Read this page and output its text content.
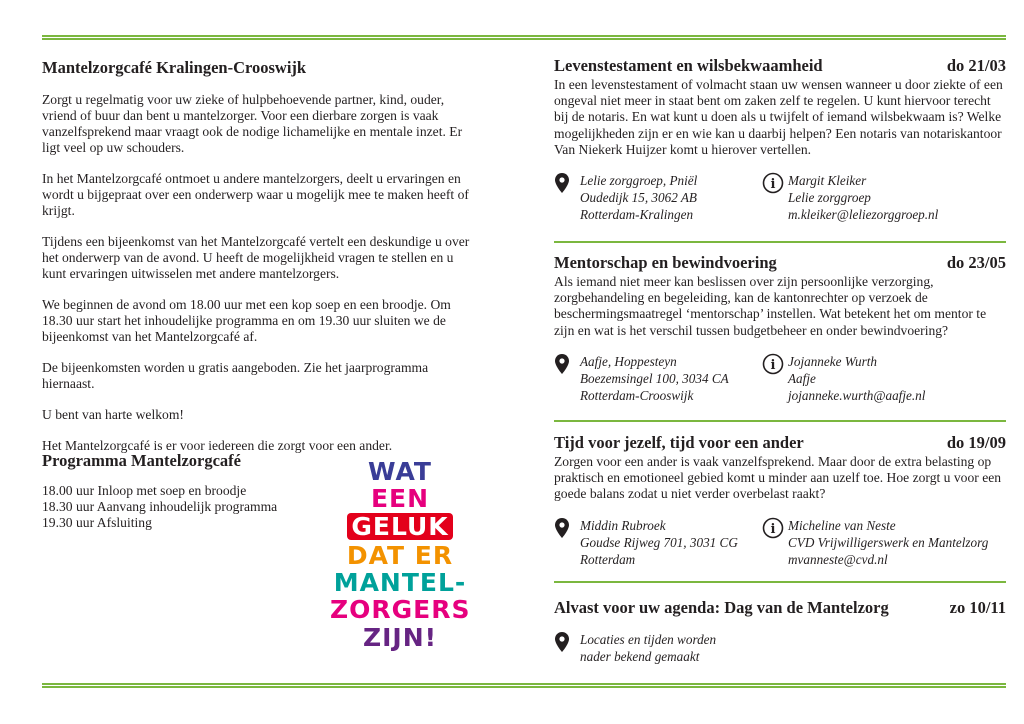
Mantelzorgcafé Kralingen-Crooswijk
Zorgt u regelmatig voor uw zieke of hulpbehoevende partner, kind, ouder, vriend of buur dan bent u mantelzorger. Voor een dierbare zorgen is vaak vanzelfsprekend maar vraagt ook de nodige lichamelijke en mentale inzet. Er ligt veel op uw schouders.
In het Mantelzorgcafé ontmoet u andere mantelzorgers, deelt u ervaringen en wordt u bijgepraat over een onderwerp waar u mogelijk mee te maken heeft of krijgt.
Tijdens een bijeenkomst van het Mantelzorgcafé vertelt een deskundige u over het onderwerp van de avond. U heeft de mogelijkheid vragen te stellen en u kunt ervaringen uitwisselen met andere mantelzorgers.
We beginnen de avond om 18.00 uur met een kop soep en een broodje. Om 18.30 uur start het inhoudelijke programma en om 19.30 uur sluiten we de bijeenkomst van het Mantelzorgcafé af.
De bijeenkomsten worden u gratis aangeboden. Zie het jaarprogramma hiernaast.
U bent van harte welkom!
Het Mantelzorgcafé is er voor iedereen die zorgt voor een ander.
Programma Mantelzorgcafé
18.00 uur Inloop met soep en broodje
18.30 uur Aanvang inhoudelijk programma
19.30 uur Afsluiting
WAT
EEN
GELUK
DAT ER
MANTEL-
ZORGERS
ZIJN!
Levenstestament en wilsbekwaamheid	do 21/03
In een levenstestament of volmacht staan uw wensen wanneer u door ziekte of een ongeval niet meer in staat bent om zaken zelf te regelen. U kunt hiervoor terecht bij de notaris. En wat kunt u doen als u twijfelt of iemand wilsbekwaam is? Welke mogelijkheden zijn er en wie kan u daarbij helpen? Een notaris van notariskantoor Van Niekerk Huijzer komt u hierover vertellen.
Lelie zorggroep, Pniël
Oudedijk 15, 3062 AB
Rotterdam-Kralingen
i Margit Kleiker
Lelie zorggroep
m.kleiker@leliezorggroep.nl
Mentorschap en bewindvoering	do 23/05
Als iemand niet meer kan beslissen over zijn persoonlijke verzorging, zorgbehandeling en begeleiding, kan de kantonrechter op verzoek de beschermingsmaatregel ‘mentorschap’ instellen. Wat betekent het om mentor te zijn en wat is het verschil tussen budgetbeheer en onder bewindvoering?
Aafje, Hoppesteyn
Boezemsingel 100, 3034 CA
Rotterdam-Crooswijk
i Jojanneke Wurth
Aafje
jojanneke.wurth@aafje.nl
Tijd voor jezelf, tijd voor een ander	do 19/09
Zorgen voor een ander is vaak vanzelfsprekend. Maar door de extra belasting op praktisch en emotioneel gebied komt u minder aan uzelf toe. Hoe zorgt u voor een goede balans zodat u niet verder overbelast raakt?
Middin Rubroek
Goudse Rijweg 701, 3031 CG
Rotterdam
i Micheline van Neste
CVD Vrijwilligerswerk en Mantelzorg
mvanneste@cvd.nl
Alvast voor uw agenda: Dag van de Mantelzorg	zo 10/11
Locaties en tijden worden
nader bekend gemaakt
